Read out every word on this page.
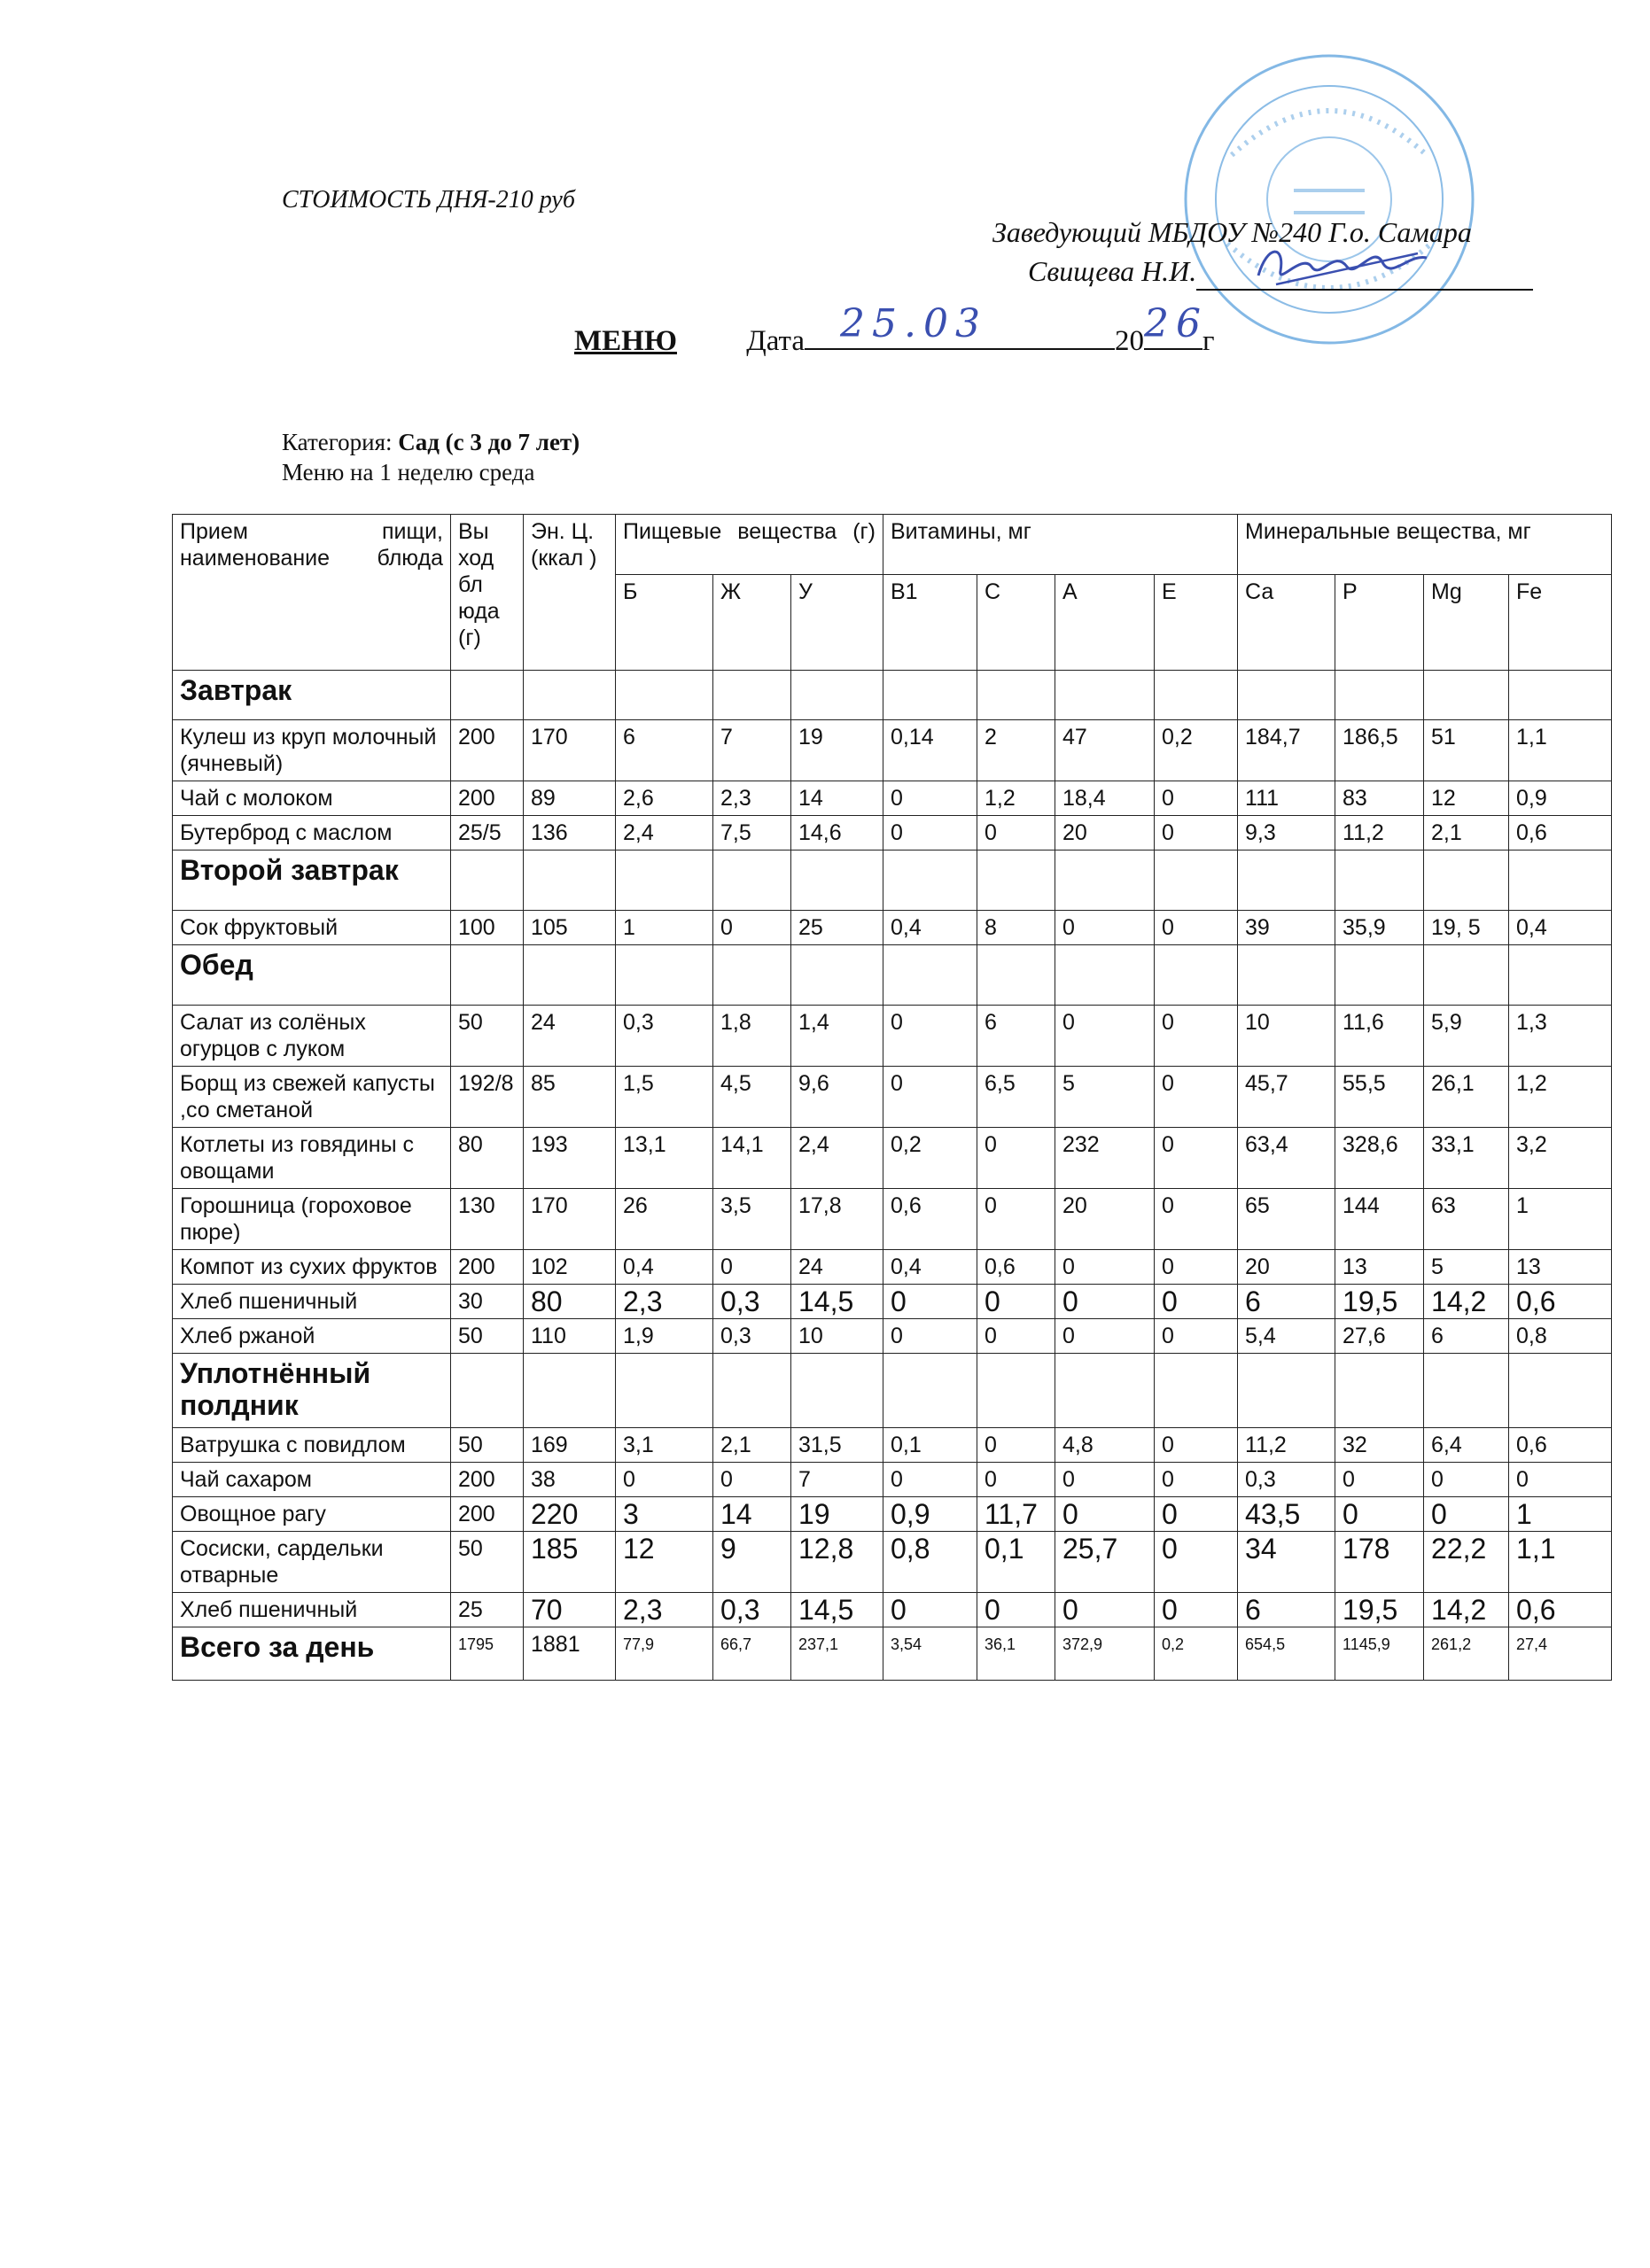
СТОИМОСТЬ ДНЯ-210 руб
Заведующий МБДОУ №240 Г.о. Самара
Свищева Н.И.
МЕНЮ Дата 25.03	20 26
г
Категория: Сад (с 3 до 7 лет)
Меню на 1 неделю среда
Прием пищи, наименование блюда	Вы ход бл юда (г)	Эн. Ц. (ккал )	Пищевые вещества (г)			Витамины, мг				Минеральные вещества, мг			
			Б	Ж	У	B1	С	А	Е	Са	Р	Mg	Fe
Завтрак													
Кулеш из круп молочный (ячневый)	200	170	6	7	19	0,14	2	47	0,2	184,7	186,5	51	1,1
Чай с молоком	200	89	2,6	2,3	14	0	1,2	18,4	0	111	83	12	0,9
Бутерброд с маслом	25/5	136	2,4	7,5	14,6	0	0	20	0	9,3	11,2	2,1	0,6
Второй завтрак													
Сок фруктовый	100	105	1	0	25	0,4	8	0	0	39	35,9	19, 5	0,4
Обед													
Салат из солёных огурцов с луком	50	24	0,3	1,8	1,4	0	6	0	0	10	11,6	5,9	1,3
Борщ из свежей капусты ,со сметаной	192/8	85	1,5	4,5	9,6	0	6,5	5	0	45,7	55,5	26,1	1,2
Котлеты из говядины с овощами	80	193	13,1	14,1	2,4	0,2	0	232	0	63,4	328,6	33,1	3,2
Горошница (гороховое пюре)	130	170	26	3,5	17,8	0,6	0	20	0	65	144	63	1
Компот из сухих фруктов	200	102	0,4	0	24	0,4	0,6	0	0	20	13	5	13
Хлеб пшеничный	30	80	2,3	0,3	14,5	0	0	0	0	6	19,5	14,2	0,6
Хлеб ржаной	50	110	1,9	0,3	10	0	0	0	0	5,4	27,6	6	0,8
Уплотнённый полдник													
Ватрушка с повидлом	50	169	3,1	2,1	31,5	0,1	0	4,8	0	11,2	32	6,4	0,6
Чай сахаром	200	38	0	0	7	0	0	0	0	0,3	0	0	0
Овощное рагу	200	220	3	14	19	0,9	11,7	0	0	43,5	0	0	1
Сосиски, сардельки отварные	50	185	12	9	12,8	0,8	0,1	25,7	0	34	178	22,2	1,1
Хлеб пшеничный	25	70	2,3	0,3	14,5	0	0	0	0	6	19,5	14,2	0,6
Всего за день	1795	1881	77,9	66,7	237,1	3,54	36,1	372,9	0,2	654,5	1145,9	261,2	27,4
